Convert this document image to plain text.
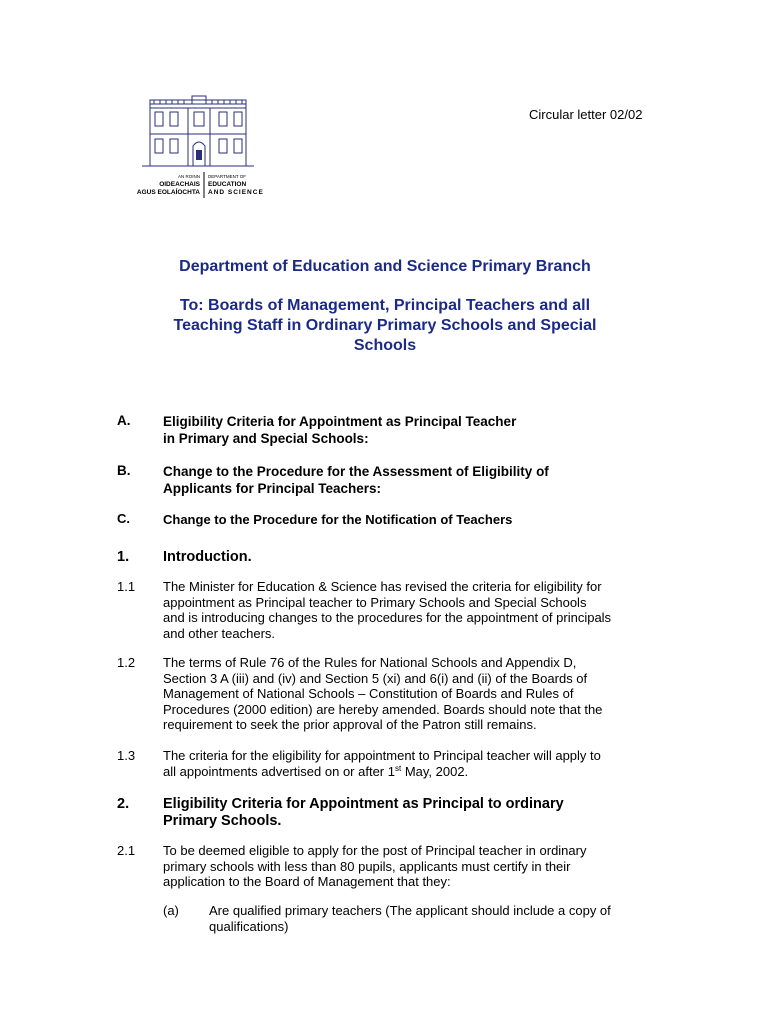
Circular letter 02/02
AN ROINN
OIDEACHAIS
AGUS EOLAÍOCHTA
DEPARTMENT OF
EDUCATION
AND SCIENCE
Department of Education and Science Primary Branch
To: Boards of Management, Principal Teachers and all
Teaching Staff in Ordinary Primary Schools and Special
Schools
A. Eligibility Criteria for Appointment as Principal Teacher
in Primary and Special Schools:
B. Change to the Procedure for the Assessment of Eligibility of
Applicants for Principal Teachers:
C.	Change to the Procedure for the Notification of Teachers
1. Introduction.
1.1 The Minister for Education & Science has revised the criteria for eligibility for
appointment as Principal teacher to Primary Schools and Special Schools
and is introducing changes to the procedures for the appointment of principals
and other teachers.
1.2 The terms of Rule 76 of the Rules for National Schools and Appendix D,
Section 3 A (iii) and (iv) and Section 5 (xi) and 6(i) and (ii) of the Boards of
Management of National Schools – Constitution of Boards and Rules of
Procedures (2000 edition) are hereby amended. Boards should note that the
requirement to seek the prior approval of the Patron still remains.
1.3 The criteria for the eligibility for appointment to Principal teacher will apply to
all appointments advertised on or after 1st May, 2002.
2. Eligibility Criteria for Appointment as Principal to ordinary
Primary Schools.
2.1 To be deemed eligible to apply for the post of Principal teacher in ordinary
primary schools with less than 80 pupils, applicants must certify in their
application to the Board of Management that they:
(a) Are qualified primary teachers (The applicant should include a copy of
qualifications)
